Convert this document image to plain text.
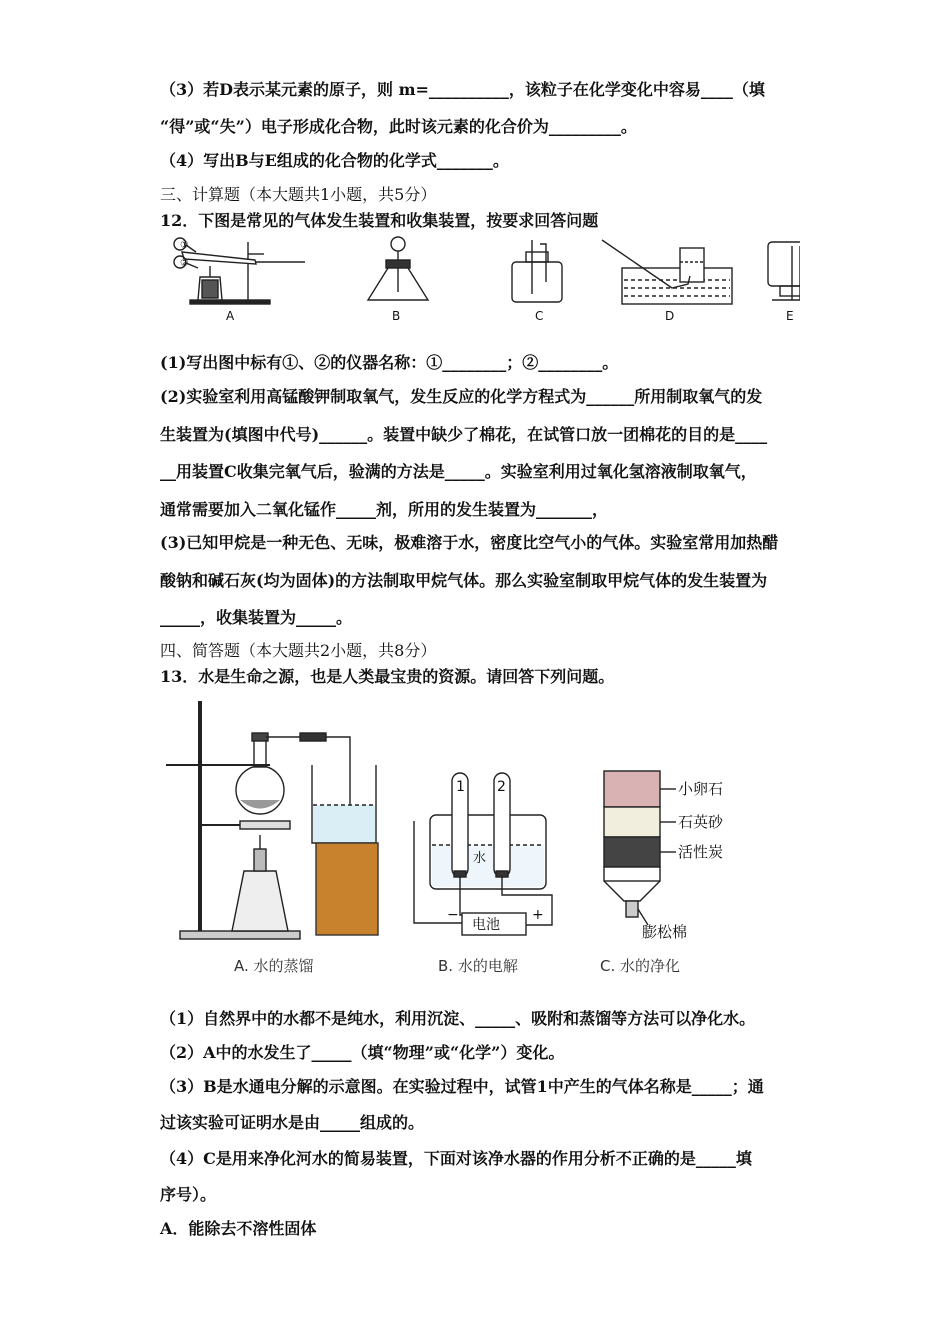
（3）若D表示某元素的原子，则 m=__________，该粒子在化学变化中容易____（填
“得”或“失”）电子形成化合物，此时该元素的化合价为_________。
（4）写出B与E组成的化合物的化学式_______。
三、计算题（本大题共1小题，共5分）
12．下图是常见的气体发生装置和收集装置，按要求回答问题
①
②
A	B	C	D	E
(1)写出图中标有①、②的仪器名称：①________；②________。
(2)实验室利用高锰酸钾制取氧气，发生反应的化学方程式为______所用制取氧气的发
生装置为(填图中代号)______。装置中缺少了棉花，在试管口放一团棉花的目的是____
__用装置C收集完氧气后，验满的方法是_____。实验室利用过氧化氢溶液制取氧气，
通常需要加入二氧化锰作_____剂，所用的发生装置为_______，
(3)已知甲烷是一种无色、无味，极难溶于水，密度比空气小的气体。实验室常用加热醋
酸钠和碱石灰(均为固体)的方法制取甲烷气体。那么实验室制取甲烷气体的发生装置为
_____，收集装置为_____。
四、简答题（本大题共2小题，共8分）
13．水是生命之源，也是人类最宝贵的资源。请回答下列问题。
1 2
水
电池
−	+
小卵石
石英砂
活性炭
膨松棉
A. 水的蒸馏	B. 水的电解	C. 水的净化
（1）自然界中的水都不是纯水，利用沉淀、_____、吸附和蒸馏等方法可以净化水。
（2）A中的水发生了_____（填“物理”或“化学”）变化。
（3）B是水通电分解的示意图。在实验过程中，试管1中产生的气体名称是_____；通
过该实验可证明水是由_____组成的。
（4）C是用来净化河水的简易装置，下面对该净水器的作用分析不正确的是_____填
序号）。
A．能除去不溶性固体
